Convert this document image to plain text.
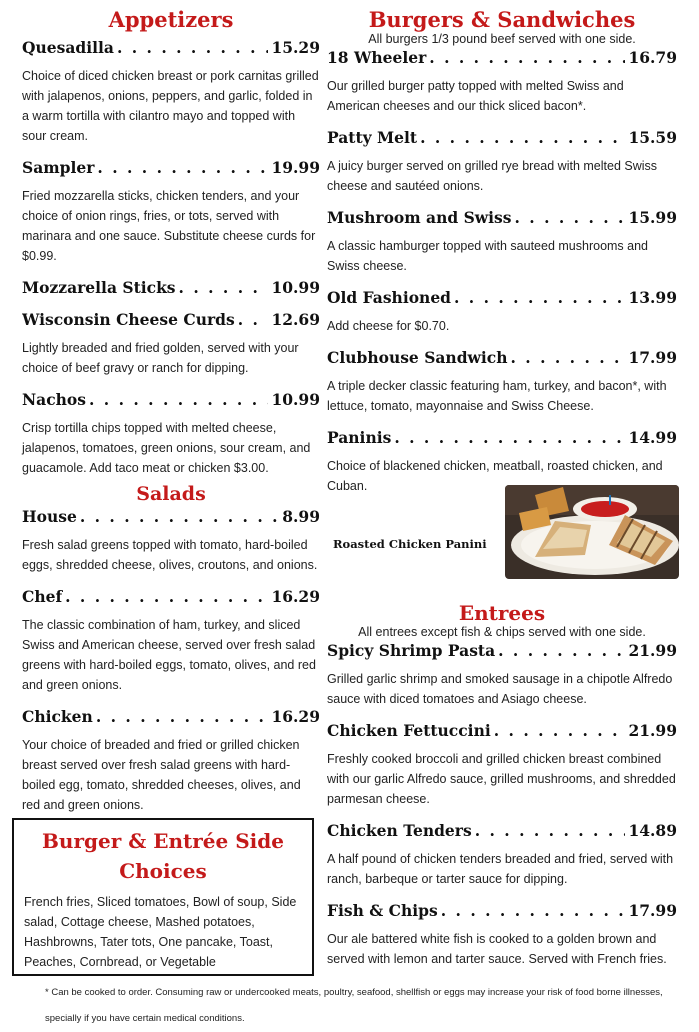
Appetizers
Quesadilla . . .	15.29

Choice of diced chicken breast or pork carnitas grilled with jalapenos, onions, peppers, and garlic, folded in a warm tortilla with cilantro mayo and topped with sour cream.

Sampler . . .	19.99

Fried mozzarella sticks, chicken tenders, and your choice of onion rings, fries, or tots, served with marinara and one sauce. Substitute cheese curds for $0.99.

Mozzarella Sticks . . .	10.99
Wisconsin Cheese Curds . . . 12.69

Lightly breaded and fried golden, served with your choice of beef gravy or ranch for dipping.

Nachos . . .	10.99

Crisp tortilla chips topped with melted cheese, jalapenos, tomatoes, green onions, sour cream, and guacamole. Add taco meat or chicken $3.00.

Salads
House . . .	8.99

Fresh salad greens topped with tomato, hard-boiled eggs, shredded cheese, olives, croutons, and onions.

Chef . . .	16.29

The classic combination of ham, turkey, and sliced Swiss and American cheese, served over fresh salad greens with hard-boiled eggs, tomato, olives, and red and green onions.

Chicken . . .	16.29

Your choice of breaded and fried or grilled chicken breast served over fresh salad greens with hard-boiled egg, tomato, shredded cheeses, olives, and red and green onions.

Burger & Entrée Side Choices

French fries, Sliced tomatoes, Bowl of soup, Side salad, Cottage cheese, Mashed potatoes, Hashbrowns, Tater tots, One pancake, Toast, Peaches, Cornbread, or Vegetable

Burgers & Sandwiches

All burgers 1/3 pound beef served with one side.

18 Wheeler . . .	16.79

Our grilled burger patty topped with melted Swiss and American cheeses and our thick sliced bacon*.

Patty Melt . . .	15.59

A juicy burger served on grilled rye bread with melted Swiss cheese and sautéed onions.

Mushroom and Swiss . . .	15.99

A classic hamburger topped with sauteed mushrooms and Swiss cheese.

Old Fashioned . . .	13.99

Add cheese for $0.70.

Clubhouse Sandwich . . .	17.99

A triple decker classic featuring ham, turkey, and bacon*, with lettuce, tomato, mayonnaise and Swiss Cheese.

Paninis . . .	14.99

Choice of blackened chicken, meatball, roasted chicken, and Cuban.

Entrees

All entrees except fish & chips served with one side.

Spicy Shrimp Pasta . . .	21.99

Grilled garlic shrimp and smoked sausage in a chipotle Alfredo sauce with diced tomatoes and Asiago cheese.

Chicken Fettuccini . . .	21.99

Freshly cooked broccoli and grilled chicken breast combined with our garlic Alfredo sauce, grilled mushrooms, and shredded parmesan cheese.

Chicken Tenders . . .	14.89

A half pound of chicken tenders breaded and fried, served with ranch, barbeque or tarter sauce for dipping.

Fish & Chips . . .	17.99

Our ale battered white fish is cooked to a golden brown and served with lemon and tarter sauce. Served with French fries.

Roasted Chicken Panini
* Can be cooked to order. Consuming raw or undercooked meats, poultry, seafood, shellfish or eggs may increase your risk of food borne illnesses, specially if you have certain medical conditions.
